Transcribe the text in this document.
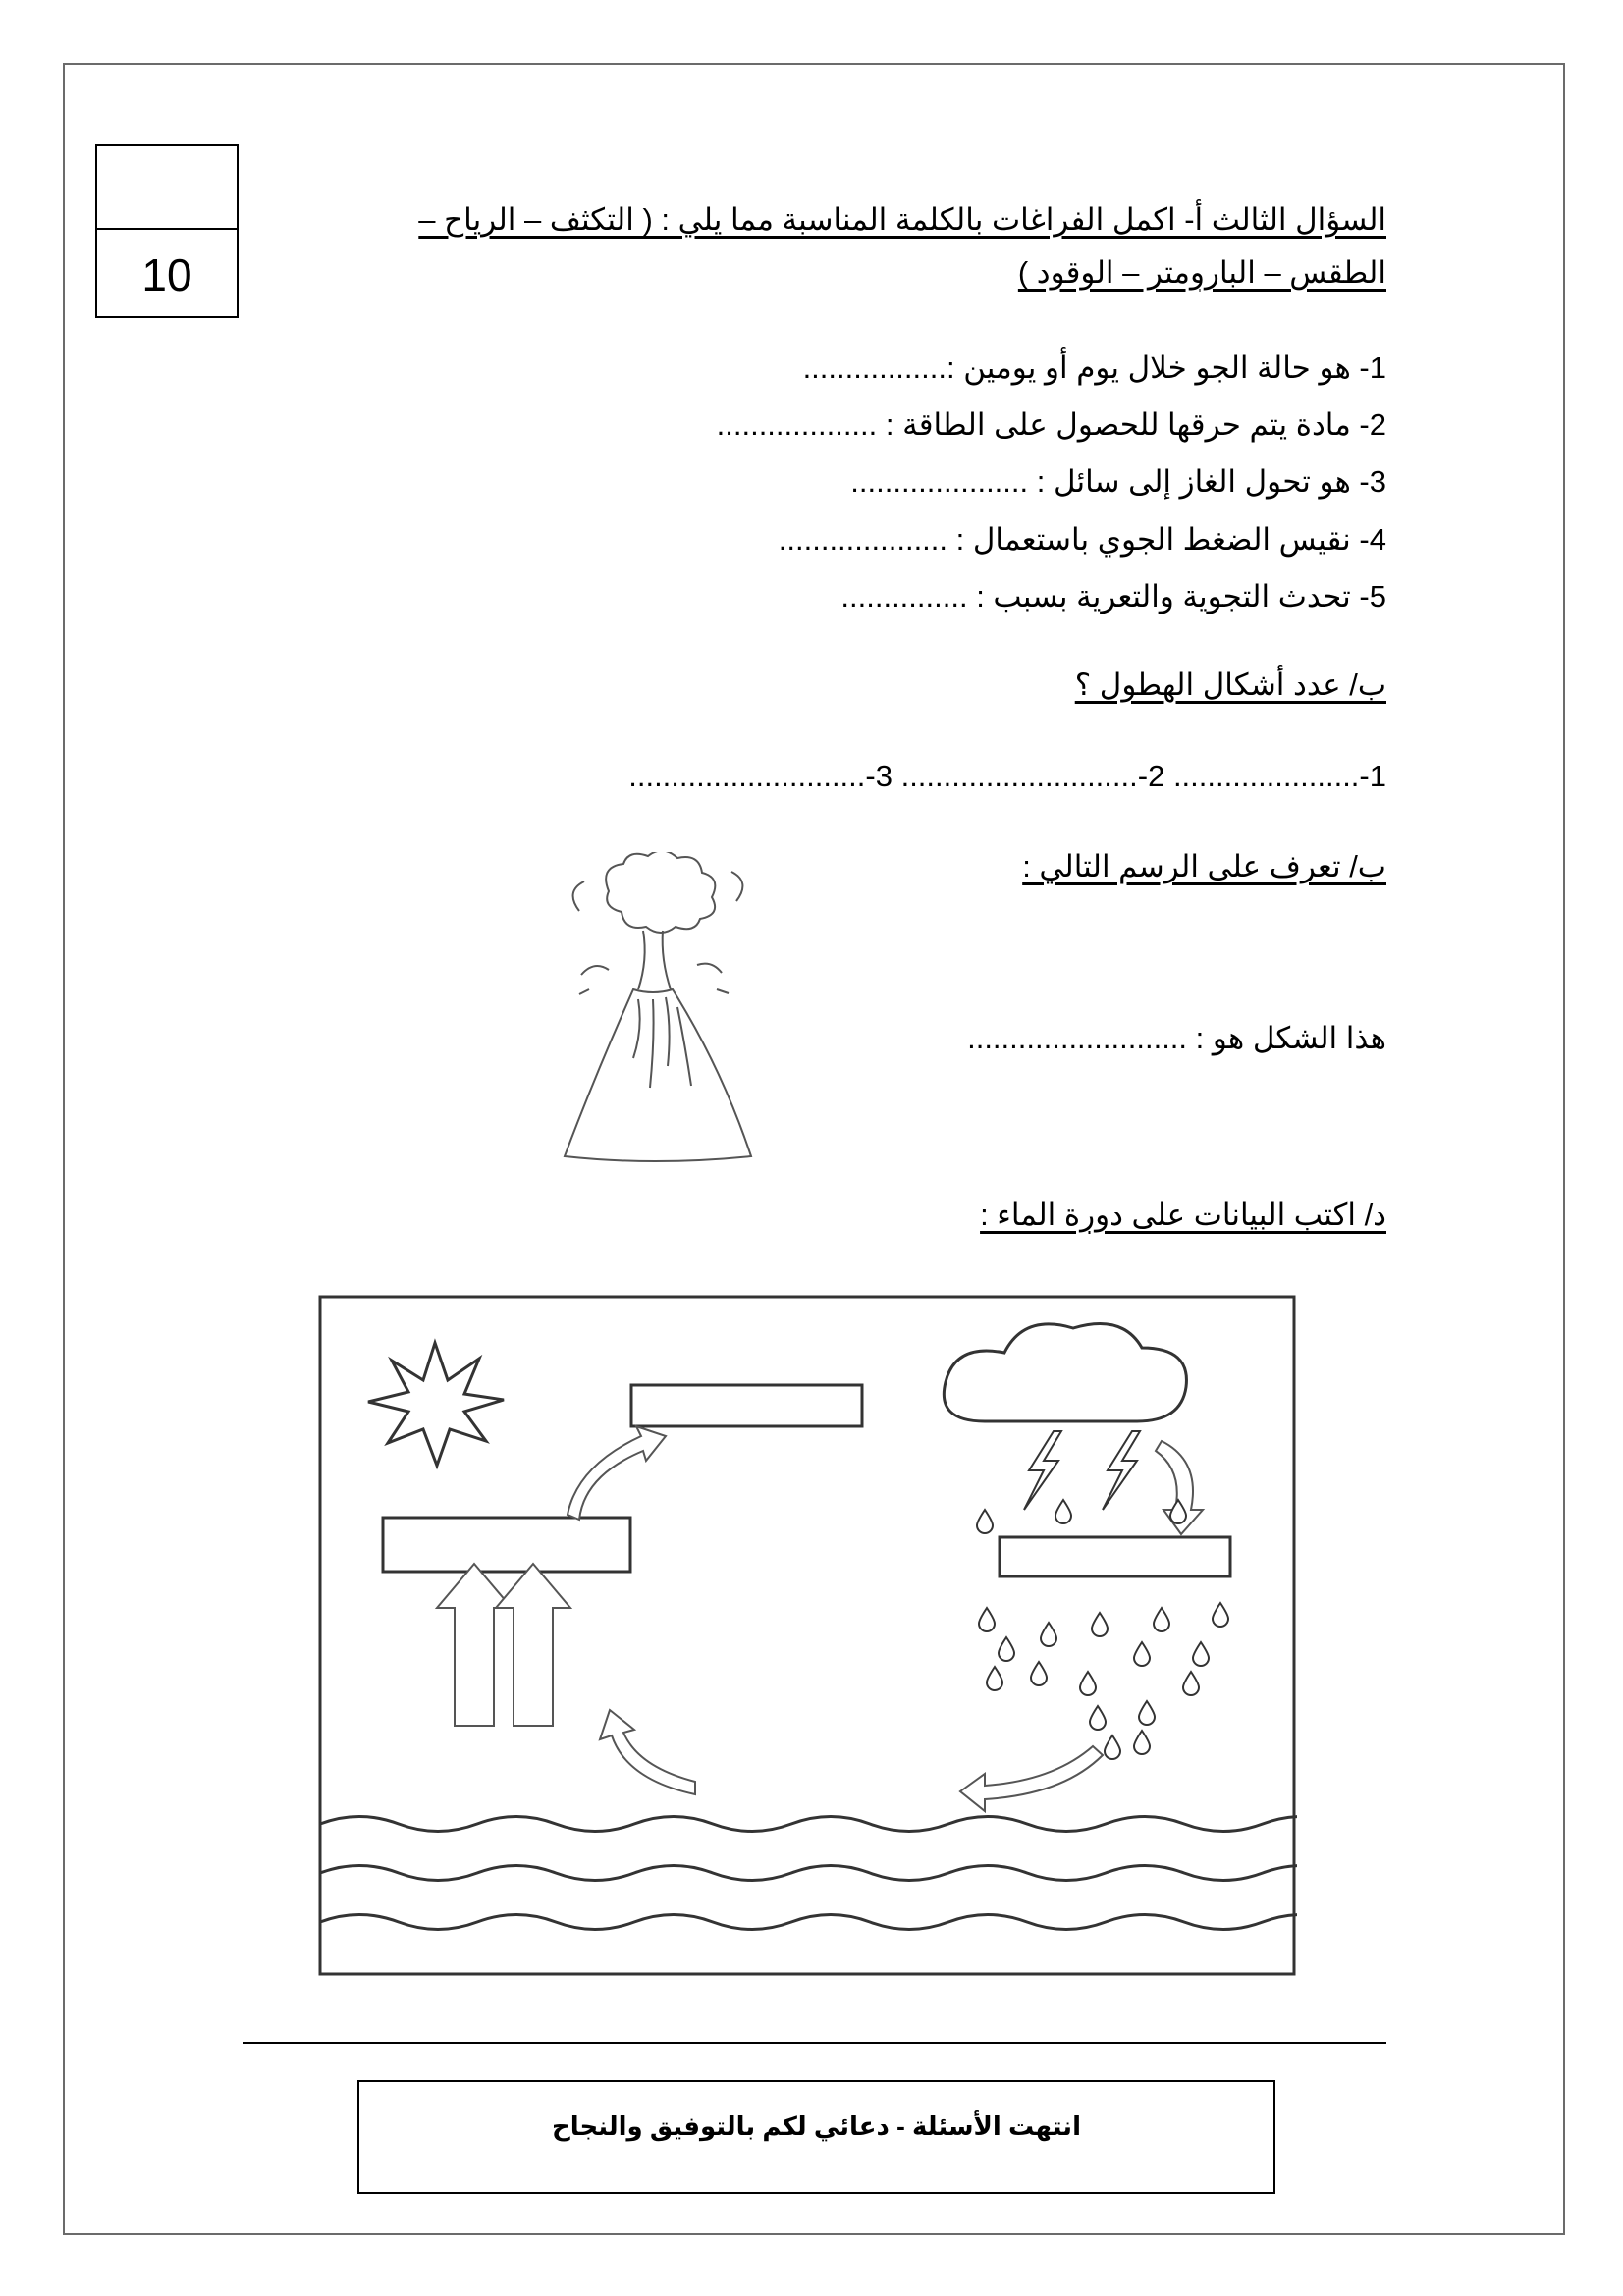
10
السؤال الثالث أ- اكمل الفراغات بالكلمة المناسبة مما يلي : ( التكثف – الرياح –
الطقس – البارومتر – الوقود )
1- هو حالة الجو خلال يوم أو يومين :.................
2- مادة يتم حرقها للحصول على الطاقة : ...................
3- هو تحول الغاز إلى سائل : .....................
4- نقيس الضغط الجوي باستعمال : ....................
5- تحدث التجوية والتعرية بسبب : ...............
ب/ عدد أشكال الهطول ؟
1-...................... 2-............................ 3-............................
ب/ تعرف على الرسم التالي :
هذا الشكل هو : ..........................
د/ اكتب البيانات على دورة الماء :
انتهت الأسئلة - دعائي لكم بالتوفيق والنجاح
